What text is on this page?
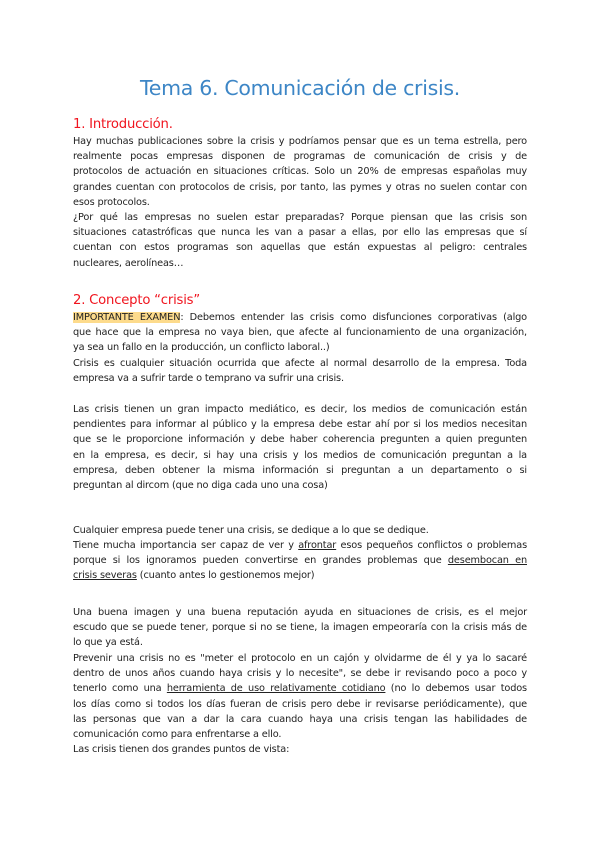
Tema 6. Comunicación de crisis.
1. Introducción.
Hay muchas publicaciones sobre la crisis y podríamos pensar que es un tema estrella, pero
realmente pocas empresas disponen de programas de comunicación de crisis y de
protocolos de actuación en situaciones críticas. Solo un 20% de empresas españolas muy
grandes cuentan con protocolos de crisis, por tanto, las pymes y otras no suelen contar con
esos protocolos.
¿Por qué las empresas no suelen estar preparadas? Porque piensan que las crisis son
situaciones catastróficas que nunca les van a pasar a ellas, por ello las empresas que sí
cuentan con estos programas son aquellas que están expuestas al peligro: centrales
nucleares, aerolíneas…
2. Concepto “crisis”
IMPORTANTE EXAMEN: Debemos entender las crisis como disfunciones corporativas (algo
que hace que la empresa no vaya bien, que afecte al funcionamiento de una organización,
ya sea un fallo en la producción, un conflicto laboral..)
Crisis es cualquier situación ocurrida que afecte al normal desarrollo de la empresa. Toda
empresa va a sufrir tarde o temprano va sufrir una crisis.
Las crisis tienen un gran impacto mediático, es decir, los medios de comunicación están
pendientes para informar al público y la empresa debe estar ahí por si los medios necesitan
que se le proporcione información y debe haber coherencia pregunten a quien pregunten
en la empresa, es decir, si hay una crisis y los medios de comunicación preguntan a la
empresa, deben obtener la misma información si preguntan a un departamento o si
preguntan al dircom (que no diga cada uno una cosa)
Cualquier empresa puede tener una crisis, se dedique a lo que se dedique.
Tiene mucha importancia ser capaz de ver y afrontar esos pequeños conflictos o problemas
porque si los ignoramos pueden convertirse en grandes problemas que desembocan en
crisis severas (cuanto antes lo gestionemos mejor)
Una buena imagen y una buena reputación ayuda en situaciones de crisis, es el mejor
escudo que se puede tener, porque si no se tiene, la imagen empeoraría con la crisis más de
lo que ya está.
Prevenir una crisis no es "meter el protocolo en un cajón y olvidarme de él y ya lo sacaré
dentro de unos años cuando haya crisis y lo necesite", se debe ir revisando poco a poco y
tenerlo como una herramienta de uso relativamente cotidiano (no lo debemos usar todos
los días como si todos los días fueran de crisis pero debe ir revisarse periódicamente), que
las personas que van a dar la cara cuando haya una crisis tengan las habilidades de
comunicación como para enfrentarse a ello.
Las crisis tienen dos grandes puntos de vista:
